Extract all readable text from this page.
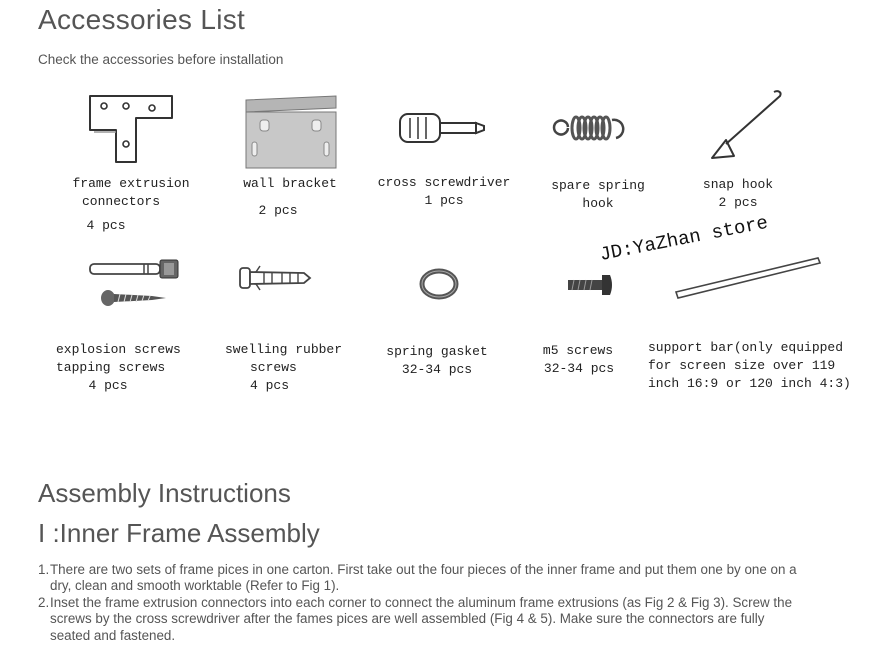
Accessories List
Check the accessories before installation
frame extrusion
connectors
4 pcs
wall bracket
2 pcs
cross screwdriver
1 pcs
spare spring
hook
snap hook
2 pcs
explosion screws
tapping screws
4 pcs
swelling rubber
screws
4 pcs
spring gasket
32-34 pcs
m5 screws
32-34 pcs
support bar(only equipped
for screen size over 119
inch 16:9 or 120 inch 4:3)
JD:YaZhan store
Assembly Instructions
I :Inner Frame Assembly
1. There are two sets of frame pices in one carton. First take out the four pieces of the inner frame and put them one by one on a dry, clean and smooth worktable (Refer to Fig 1).
2. Inset the frame extrusion connectors into each corner to connect the aluminum frame extrusions (as Fig 2 & Fig 3). Screw the screws by the cross screwdriver after the fames pices are well assembled (Fig 4 & 5). Make sure the connectors are fully seated and fastened.
